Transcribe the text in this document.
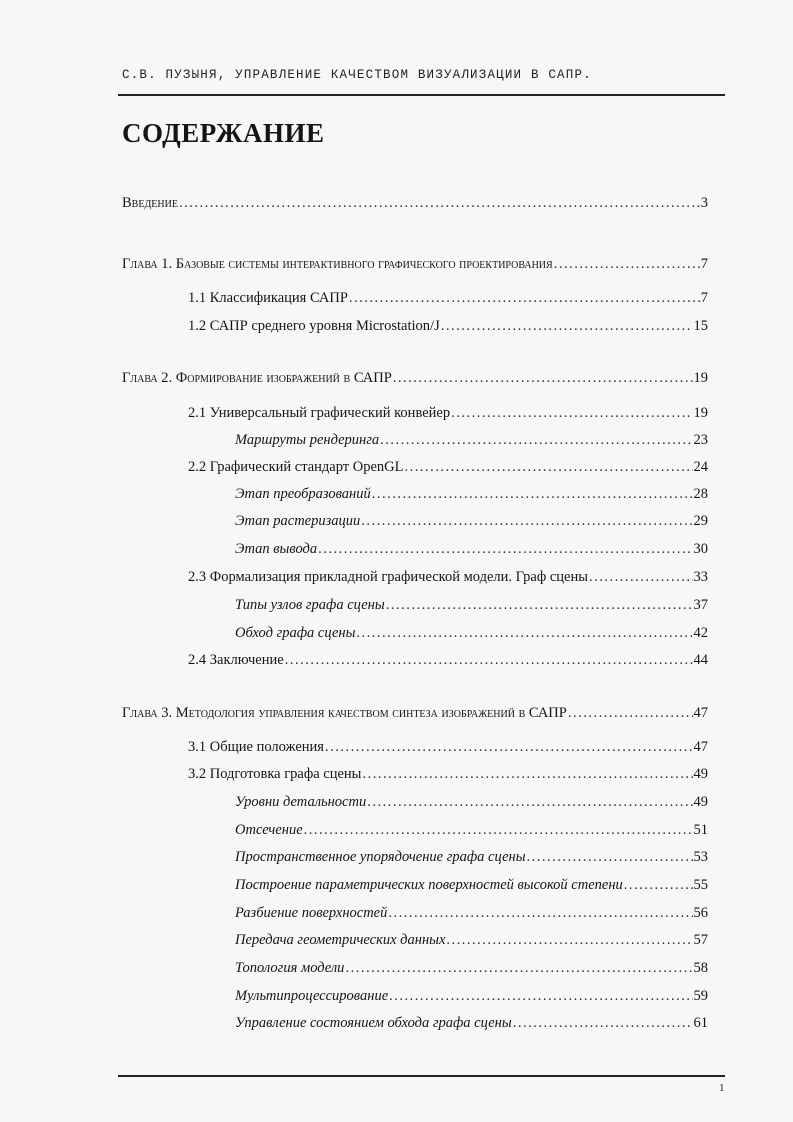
С.В. ПУЗЫНЯ, УПРАВЛЕНИЕ КАЧЕСТВОМ ВИЗУАЛИЗАЦИИ В САПР.
СОДЕРЖАНИЕ
Введение .....	3
Глава 1. Базовые системы интерактивного графического проектирования .....	7
1.1 Классификация САПР .....	7
1.2 САПР среднего уровня Microstation/J .....	15
Глава 2. Формирование изображений в САПР .....	19
2.1 Универсальный графический конвейер .....	19
Маршруты рендеринга .....	23
2.2 Графический стандарт OpenGL .....	24
Этап преобразований .....	28
Этап растеризации .....	29
Этап вывода .....	30
2.3 Формализация прикладной графической модели. Граф сцены .....	33
Типы узлов графа сцены .....	37
Обход графа сцены .....	42
2.4 Заключение .....	44
Глава 3. Методология управления качеством синтеза изображений в САПР .....	47
3.1 Общие положения .....	47
3.2 Подготовка графа сцены .....	49
Уровни детальности .....	49
Отсечение .....	51
Пространственное упорядочение графа сцены .....	53
Построение параметрических поверхностей высокой степени .....	55
Разбиение поверхностей .....	56
Передача геометрических данных .....	57
Топология модели .....	58
Мультипроцессирование .....	59
Управление состоянием обхода графа сцены .....	61
1
